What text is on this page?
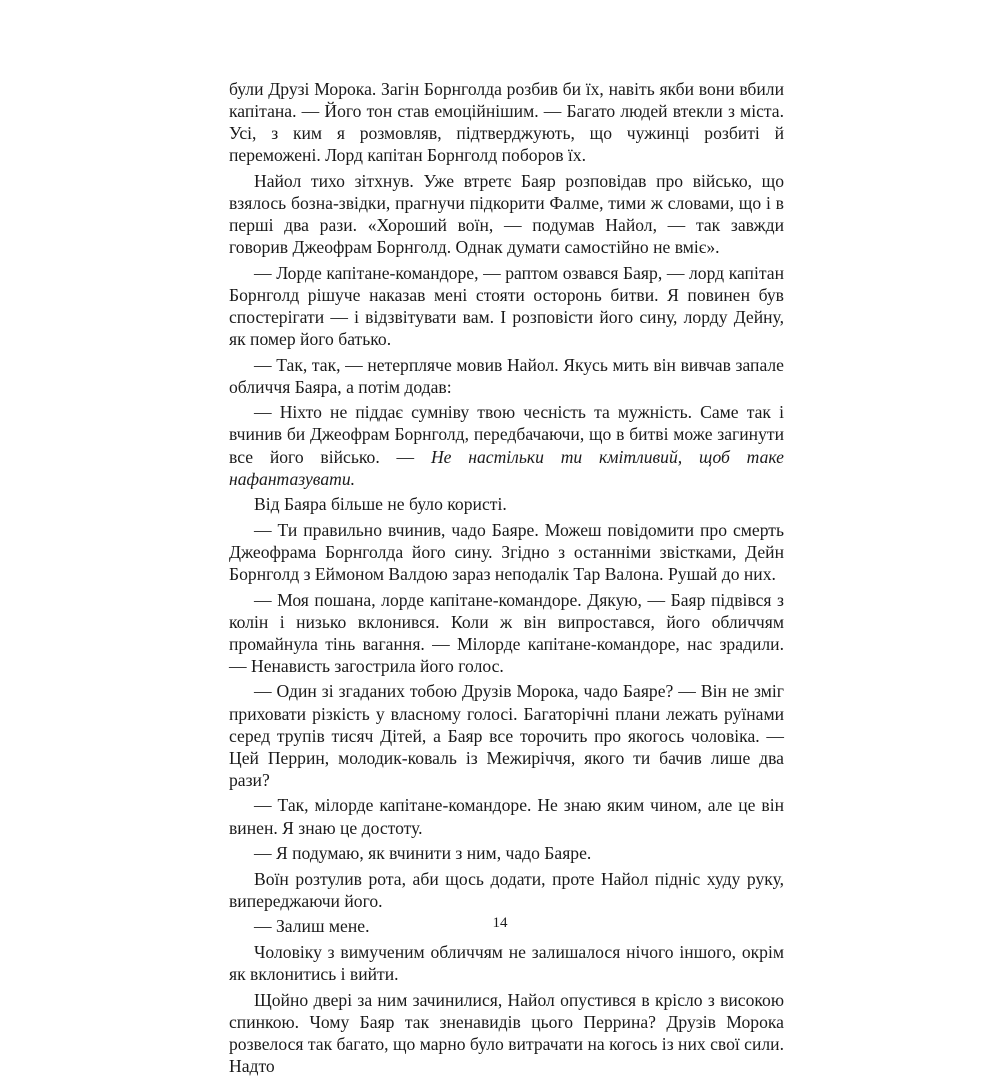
були Друзі Морока. Загін Борнголда розбив би їх, навіть якби вони вбили капітана. — Його тон став емоційнішим. — Багато людей втекли з міста. Усі, з ким я розмовляв, підтверджують, що чужинці розбиті й переможені. Лорд капітан Борнголд поборов їх.

Найол тихо зітхнув. Уже втретє Баяр розповідав про військо, що взялось бозна-звідки, прагнучи підкорити Фалме, тими ж словами, що і в перші два рази. «Хороший воїн, — подумав Найол, — так завжди говорив Джеофрам Борнголд. Однак думати самостійно не вміє».

— Лорде капітане-командоре, — раптом озвався Баяр, — лорд капітан Борнголд рішуче наказав мені стояти осторонь битви. Я повинен був спостерігати — і відзвітувати вам. І розповісти його сину, лорду Дейну, як помер його батько.

— Так, так, — нетерпляче мовив Найол. Якусь мить він вивчав запале обличчя Баяра, а потім додав:

— Ніхто не піддає сумніву твою чесність та мужність. Саме так і вчинив би Джеофрам Борнголд, передбачаючи, що в битві може загинути все його військо. — Не настільки ти кмітливий, щоб таке нафантазувати.

Від Баяра більше не було користі.

— Ти правильно вчинив, чадо Баяре. Можеш повідомити про смерть Джеофрама Борнголда його сину. Згідно з останніми звістками, Дейн Борнголд з Еймоном Валдою зараз неподалік Тар Валона. Рушай до них.

— Моя пошана, лорде капітане-командоре. Дякую, — Баяр підвівся з колін і низько вклонився. Коли ж він випростався, його обличчям промайнула тінь вагання. — Мілорде капітане-командоре, нас зрадили. — Ненависть загострила його голос.

— Один зі згаданих тобою Друзів Морока, чадо Баяре? — Він не зміг приховати різкість у власному голосі. Багаторічні плани лежать руїнами серед трупів тисяч Дітей, а Баяр все торочить про якогось чоловіка. — Цей Перрин, молодик-коваль із Межиріччя, якого ти бачив лише два рази?

— Так, мілорде капітане-командоре. Не знаю яким чином, але це він винен. Я знаю це достоту.

— Я подумаю, як вчинити з ним, чадо Баяре.

Воїн розтулив рота, аби щось додати, проте Найол підніс худу руку, випереджаючи його.

— Залиш мене.

Чоловіку з вимученим обличчям не залишалося нічого іншого, окрім як вклонитись і вийти.

Щойно двері за ним зачинилися, Найол опустився в крісло з високою спинкою. Чому Баяр так зненавидів цього Перрина? Друзів Морока розвелося так багато, що марно було витрачати на когось із них свої сили. Надто

14
